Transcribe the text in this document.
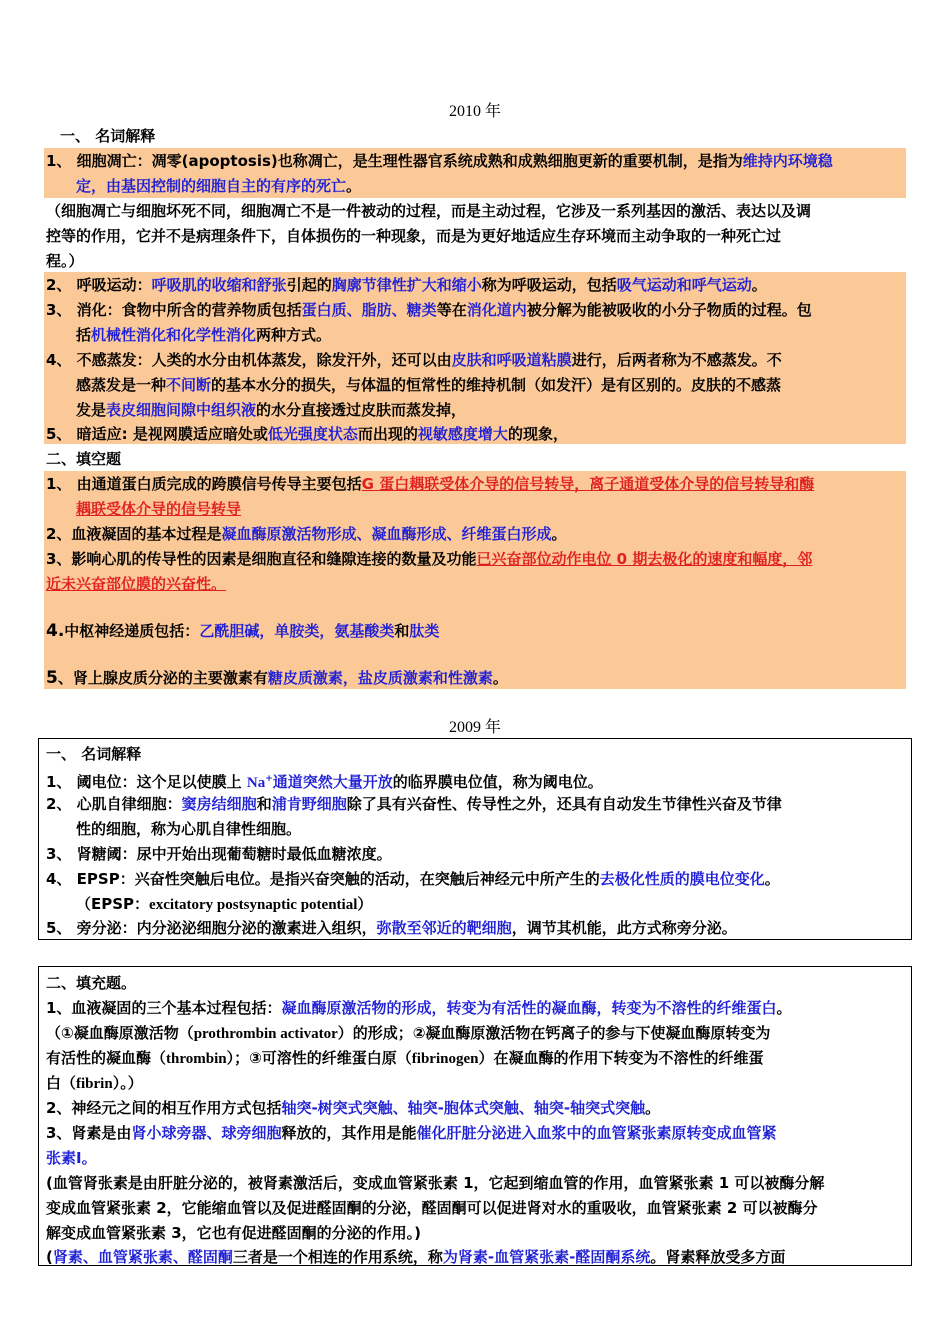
2010 年
一、 名词解释
1、 细胞凋亡：凋零(apoptosis)也称凋亡，是生理性器官系统成熟和成熟细胞更新的重要机制，是指为维持内环境稳
定，由基因控制的细胞自主的有序的死亡。
（细胞凋亡与细胞坏死不同，细胞凋亡不是一件被动的过程，而是主动过程，它涉及一系列基因的激活、表达以及调
控等的作用，它并不是病理条件下，自体损伤的一种现象，而是为更好地适应生存环境而主动争取的一种死亡过
程。）
2、 呼吸运动：呼吸肌的收缩和舒张引起的胸廓节律性扩大和缩小称为呼吸运动，包括吸气运动和呼气运动。
3、 消化：食物中所含的营养物质包括蛋白质、脂肪、糖类等在消化道内被分解为能被吸收的小分子物质的过程。包
括机械性消化和化学性消化两种方式。
4、 不感蒸发：人类的水分由机体蒸发，除发汗外，还可以由皮肤和呼吸道粘膜进行，后两者称为不感蒸发。不
感蒸发是一种不间断的基本水分的损失，与体温的恒常性的维持机制（如发汗）是有区别的。皮肤的不感蒸
发是表皮细胞间隙中组织液的水分直接透过皮肤而蒸发掉，
5、 暗适应: 是视网膜适应暗处或低光强度状态而出现的视敏感度增大的现象，
二、填空题
1、 由通道蛋白质完成的跨膜信号传导主要包括G 蛋白耦联受体介导的信号转导，离子通道受体介导的信号转导和酶
耦联受体介导的信号转导
2、血液凝固的基本过程是凝血酶原激活物形成、凝血酶形成、纤维蛋白形成。
3、影响心肌的传导性的因素是细胞直径和缝隙连接的数量及功能已兴奋部位动作电位 0 期去极化的速度和幅度，邻
近未兴奋部位膜的兴奋性。
4.中枢神经递质包括：乙酰胆碱，单胺类，氨基酸类和肽类
5、肾上腺皮质分泌的主要激素有糖皮质激素，盐皮质激素和性激素。
2009 年
一、 名词解释
1、 阈电位：这个足以使膜上 Na+通道突然大量开放的临界膜电位值，称为阈电位。
2、 心肌自律细胞：窦房结细胞和浦肯野细胞除了具有兴奋性、传导性之外，还具有自动发生节律性兴奋及节律
性的细胞，称为心肌自律性细胞。
3、 肾糖阈：尿中开始出现葡萄糖时最低血糖浓度。
4、 EPSP：兴奋性突触后电位。是指兴奋突触的活动，在突触后神经元中所产生的去极化性质的膜电位变化。
（EPSP：excitatory postsynaptic potential）
5、 旁分泌：内分泌泌细胞分泌的激素进入组织，弥散至邻近的靶细胞，调节其机能，此方式称旁分泌。
二、填充题。
1、血液凝固的三个基本过程包括：凝血酶原激活物的形成，转变为有活性的凝血酶，转变为不溶性的纤维蛋白。
（①凝血酶原激活物（prothrombin activator）的形成；②凝血酶原激活物在钙离子的参与下使凝血酶原转变为
有活性的凝血酶（thrombin）；③可溶性的纤维蛋白原（fibrinogen）在凝血酶的作用下转变为不溶性的纤维蛋
白（fibrin）。）
2、神经元之间的相互作用方式包括轴突-树突式突触、轴突-胞体式突触、轴突-轴突式突触。
3、肾素是由肾小球旁器、球旁细胞释放的，其作用是能催化肝脏分泌进入血浆中的血管紧张素原转变成血管紧
张素Ⅰ。
(血管肾张素是由肝脏分泌的，被肾素激活后，变成血管紧张素 1，它起到缩血管的作用，血管紧张素 1 可以被酶分解
变成血管紧张素 2，它能缩血管以及促进醛固酮的分泌，醛固酮可以促进肾对水的重吸收，血管紧张素 2 可以被酶分
解变成血管紧张素 3，它也有促进醛固酮的分泌的作用。)
(肾素、血管紧张素、醛固酮三者是一个相连的作用系统，称为肾素-血管紧张素-醛固酮系统。肾素释放受多方面
